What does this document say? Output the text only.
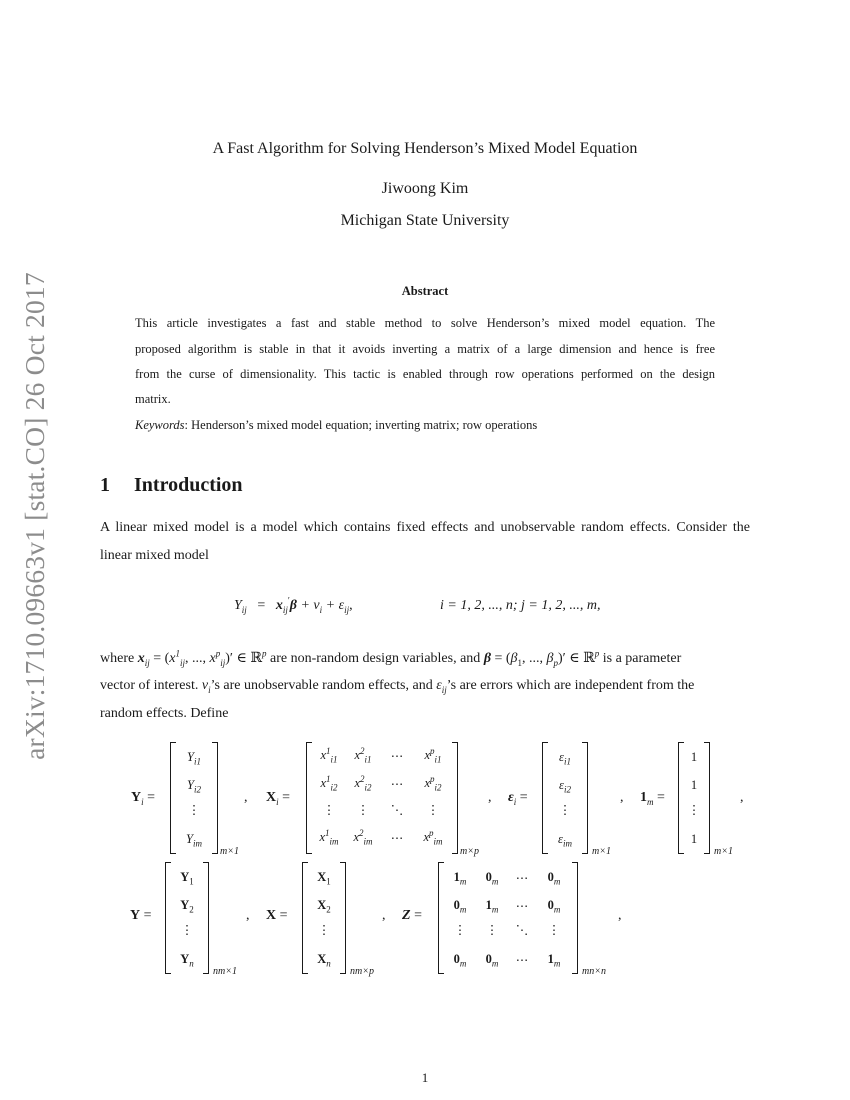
arXiv:1710.09663v1 [stat.CO] 26 Oct 2017
A Fast Algorithm for Solving Henderson’s Mixed Model Equation
Jiwoong Kim
Michigan State University
Abstract
This article investigates a fast and stable method to solve Henderson’s mixed model equation. The
proposed algorithm is stable in that it avoids inverting a matrix of a large dimension and hence is free
from the curse of dimensionality. This tactic is enabled through row operations performed on the design
matrix.
Keywords: Henderson’s mixed model equation; inverting matrix; row operations
1 Introduction
A linear mixed model is a model which contains fixed effects and unobservable random effects. Consider the
linear mixed model
$Y_{ij} = x_{ij}'\beta + v_i + \varepsilon_{ij}$,	i = 1, 2, ..., n; j = 1, 2, ..., m,
where $x_{ij} = (x^1_{ij}$, ..., $x^p_{ij})'$ ∈ ℝ$^p$ are non-random design variables, and $\beta = (\beta_1$, ..., $\beta_p)'$ ∈ ℝ$^p$ is a parameter
vector of interest. $v_i’s$ are unobservable random effects, and $\varepsilon_{ij}’s$ are errors which are independent from the
random effects. Define
$Y_i$ =
$Y_{i1}$
$Y_{i2}$
⋮
$Y_{im}$
m×1
, $X_i$ =
$x^1_{i1}$	$x^2_{i1}$	⋯	$x^p_{i1}$
$x^1_{i2}$	$x^2_{i2}$	⋯	$x^p_{i2}$
⋮	⋮	⋱	⋮
$x^1_{im}$	$x^2_{im}$	⋯	$x^p_{im}$
m×p
, $\varepsilon_i$ =
$\varepsilon_{i1}$
$\varepsilon_{i2}$
⋮
$\varepsilon_{im}$
m×1
, $1_m$ =
1
1
⋮
1
m×1
,
Y =
$Y_1$
$Y_2$
⋮
$Y_n$
nm×1
, X =
$X_1$
$X_2$
⋮
$X_n$
nm×p
, Z =
$1_m$	$0_m$	⋯	$0_m$
$0_m$	$1_m$	⋯	$0_m$
⋮	⋮	⋱	⋮
$0_m$	$0_m$	⋯	$1_m$
mn×n
,
1
